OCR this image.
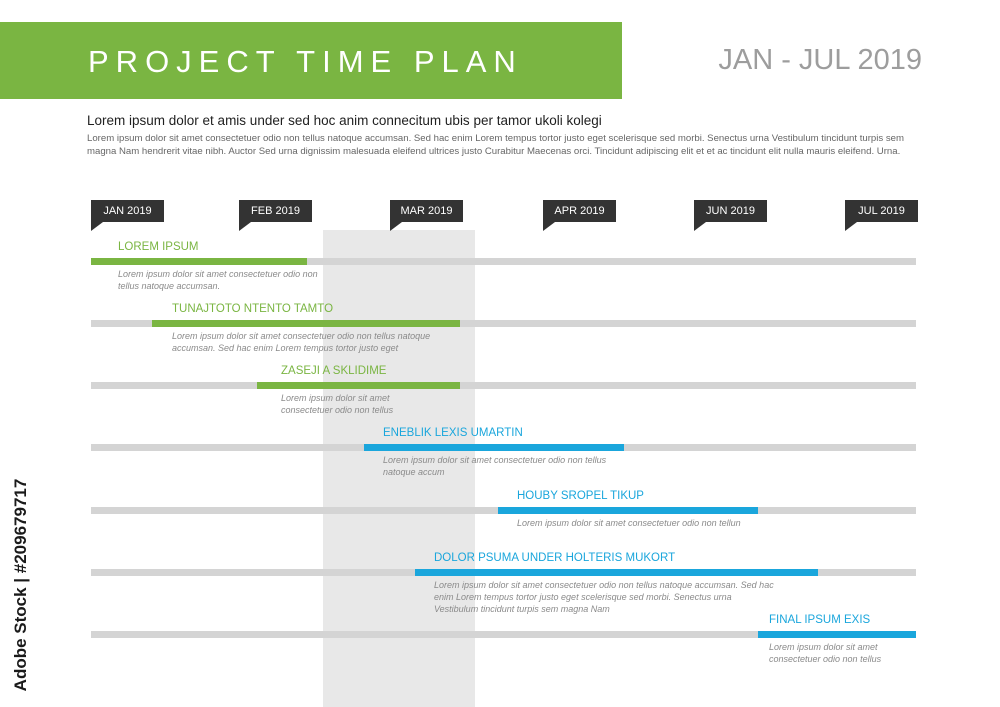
PROJECT TIME PLAN	JAN - JUL 2019
Lorem ipsum dolor et amis under sed hoc anim connecitum ubis per tamor ukoli kolegi
Lorem ipsum dolor sit amet consectetuer odio non tellus natoque accumsan. Sed hac enim Lorem tempus tortor justo eget scelerisque sed morbi. Senectus urna Vestibulum tincidunt turpis sem magna Nam hendrerit vitae nibh. Auctor Sed urna dignissim malesuada eleifend ultrices justo Curabitur Maecenas orci. Tincidunt adipiscing elit et et ac tincidunt elit nulla mauris eleifend. Urna.
JAN 2019	FEB 2019	MAR 2019	APR 2019	JUN 2019	JUL 2019
LOREM IPSUM
Lorem ipsum dolor sit amet consectetuer odio non tellus natoque accumsan.
TUNAJTOTO NTENTO TAMTO
Lorem ipsum dolor sit amet consectetuer odio non tellus natoque accumsan. Sed hac enim Lorem tempus tortor justo eget
ZASEJI A SKLIDIME
Lorem ipsum dolor sit amet consectetuer odio non tellus
ENEBLIK LEXIS UMARTIN
Lorem ipsum dolor sit amet consectetuer odio non tellus natoque accum
HOUBY SROPEL TIKUP
Lorem ipsum dolor sit amet consectetuer odio non tellun
DOLOR PSUMA UNDER HOLTERIS MUKORT
Lorem ipsum dolor sit amet consectetuer odio non tellus natoque accumsan. Sed hac enim Lorem tempus tortor justo eget scelerisque sed morbi. Senectus urna Vestibulum tincidunt turpis sem magna Nam
FINAL IPSUM EXIS
Lorem ipsum dolor sit amet consectetuer odio non tellus
Adobe Stock | #209679717
